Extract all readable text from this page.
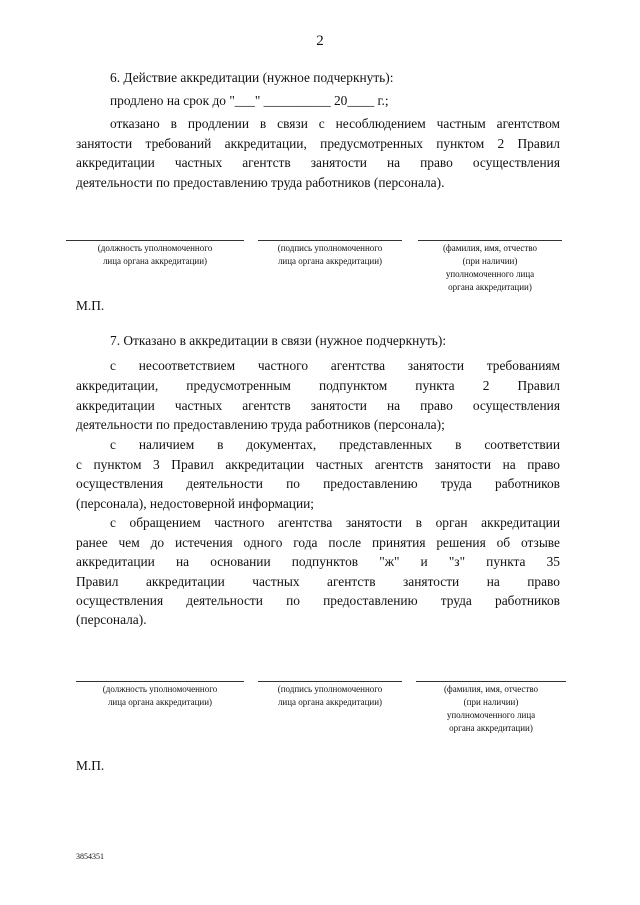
2
6. Действие аккредитации (нужное подчеркнуть):
продлено на срок до "___" __________ 20____ г.;
отказано в продлении в связи с несоблюдением частным агентством
занятости требований аккредитации, предусмотренных пунктом 2 Правил
аккредитации частных агентств занятости на право осуществления
деятельности по предоставлению труда работников (персонала).
(должность уполномоченного
лица органа аккредитации)
(подпись уполномоченного
лица органа аккредитации)
(фамилия, имя, отчество
(при наличии)
уполномоченного лица
органа аккредитации)
М.П.
7. Отказано в аккредитации в связи (нужное подчеркнуть):
с несоответствием частного агентства занятости требованиям
аккредитации, предусмотренным подпунктом пункта 2 Правил
аккредитации частных агентств занятости на право осуществления
деятельности по предоставлению труда работников (персонала);
с наличием в документах, представленных в соответствии
с пунктом 3 Правил аккредитации частных агентств занятости на право
осуществления деятельности по предоставлению труда работников
(персонала), недостоверной информации;
с обращением частного агентства занятости в орган аккредитации
ранее чем до истечения одного года после принятия решения об отзыве
аккредитации на основании подпунктов "ж" и "з" пункта 35
Правил аккредитации частных агентств занятости на право
осуществления деятельности по предоставлению труда работников
(персонала).
(должность уполномоченного
лица органа аккредитации)
(подпись уполномоченного
лица органа аккредитации)
(фамилия, имя, отчество
(при наличии)
уполномоченного лица
органа аккредитации)
М.П.
3854351
